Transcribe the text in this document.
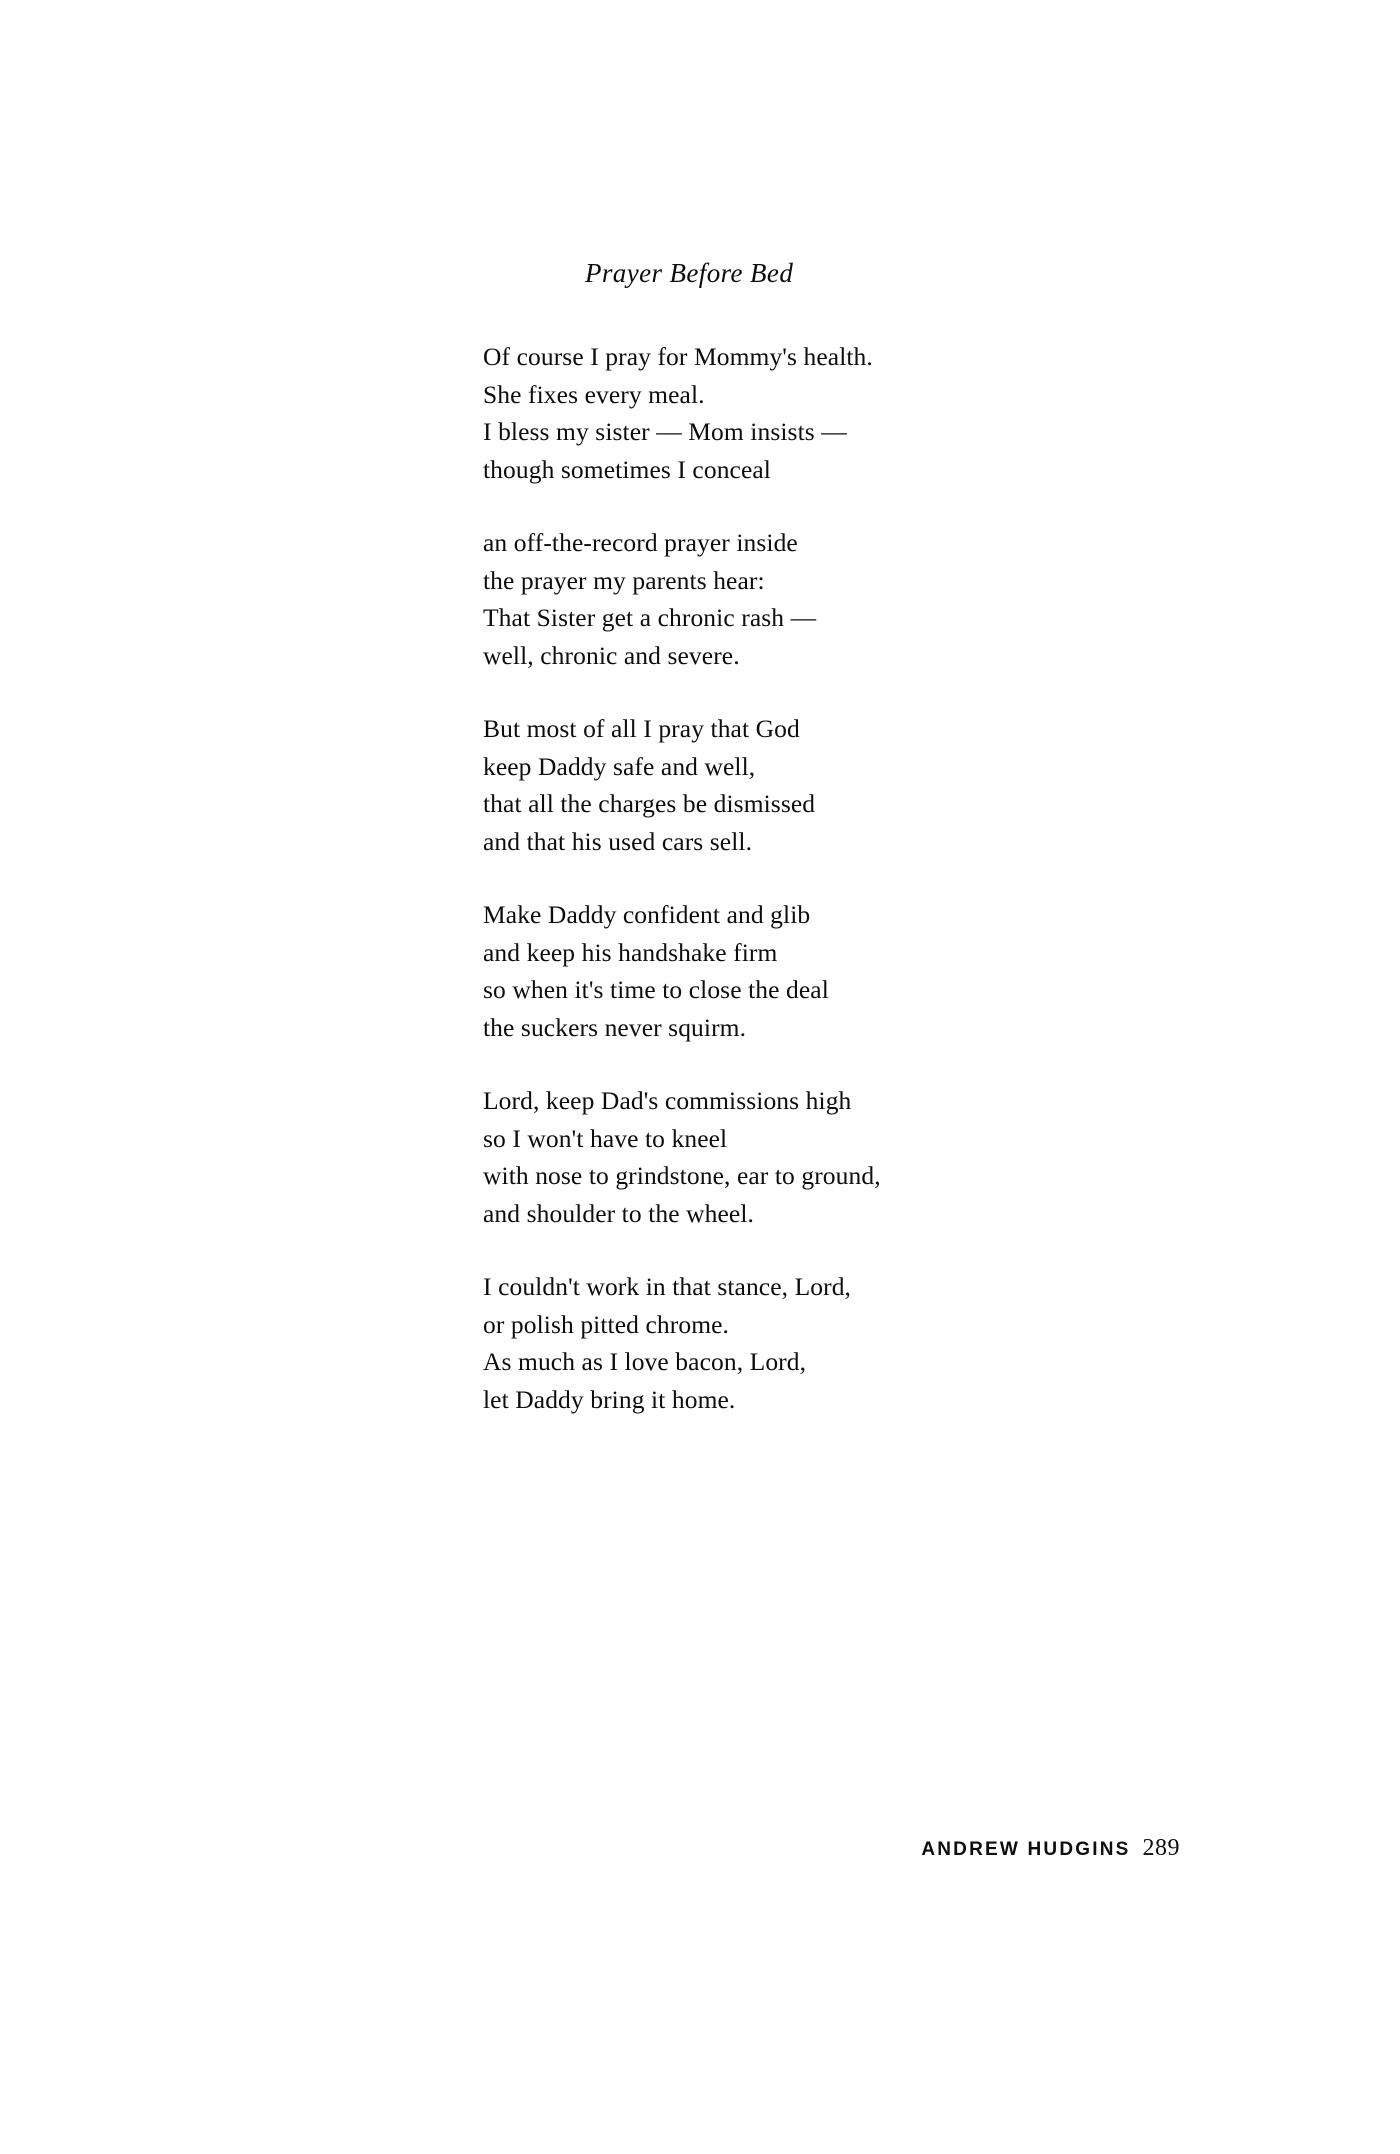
Prayer Before Bed
Of course I pray for Mommy's health.
She fixes every meal.
I bless my sister — Mom insists —
though sometimes I conceal
an off-the-record prayer inside
the prayer my parents hear:
That Sister get a chronic rash —
well, chronic and severe.
But most of all I pray that God
keep Daddy safe and well,
that all the charges be dismissed
and that his used cars sell.
Make Daddy confident and glib
and keep his handshake firm
so when it's time to close the deal
the suckers never squirm.
Lord, keep Dad's commissions high
so I won't have to kneel
with nose to grindstone, ear to ground,
and shoulder to the wheel.
I couldn't work in that stance, Lord,
or polish pitted chrome.
As much as I love bacon, Lord,
let Daddy bring it home.
ANDREW HUDGINS 289
